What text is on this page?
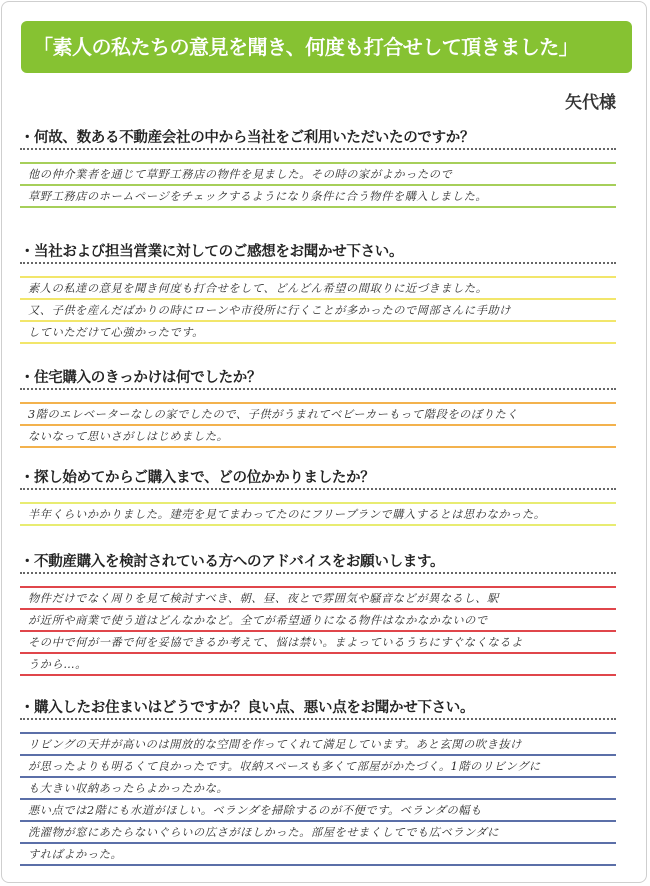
「素人の私たちの意見を聞き、何度も打合せして頂きました」
矢代様
・何故、数ある不動産会社の中から当社をご利用いただいたのですか？
他の仲介業者を通じて草野工務店の物件を見ました。その時の家がよかったので
草野工務店のホームページをチェックするようになり条件に合う物件を購入しました。
・当社および担当営業に対してのご感想をお聞かせ下さい。
素人の私達の意見を聞き何度も打合せをして、どんどん希望の間取りに近づきました。
又、子供を産んだばかりの時にローンや市役所に行くことが多かったので岡部さんに手助け
していただけて心強かったです。
・住宅購入のきっかけは何でしたか？
3階のエレベーターなしの家でしたので、子供がうまれてベビーカーもって階段をのぼりたく
ないなって思いさがしはじめました。
・探し始めてからご購入まで、どの位かかりましたか？
半年くらいかかりました。建売を見てまわってたのにフリープランで購入するとは思わなかった。
・不動産購入を検討されている方へのアドバイスをお願いします。
物件だけでなく周りを見て検討すべき、朝、昼、夜とで雰囲気や騒音などが異なるし、駅
が近所や商業で使う道はどんなかなど。全てが希望通りになる物件はなかなかないので
その中で何が一番で何を妥協できるか考えて、悩は禁い。まよっているうちにすぐなくなるよ
うから…。
・購入したお住まいはどうですか？良い点、悪い点をお聞かせ下さい。
リビングの天井が高いのは開放的な空間を作ってくれて満足しています。あと玄関の吹き抜け
が思ったよりも明るくて良かったです。収納スペースも多くて部屋がかたづく。1階のリビングに
も大きい収納あったらよかったかな。
悪い点では2階にも水道がほしい。ベランダを掃除するのが不便です。ベランダの幅も
洗濯物が窓にあたらないぐらいの広さがほしかった。部屋をせまくしてでも広ベランダに
すればよかった。
